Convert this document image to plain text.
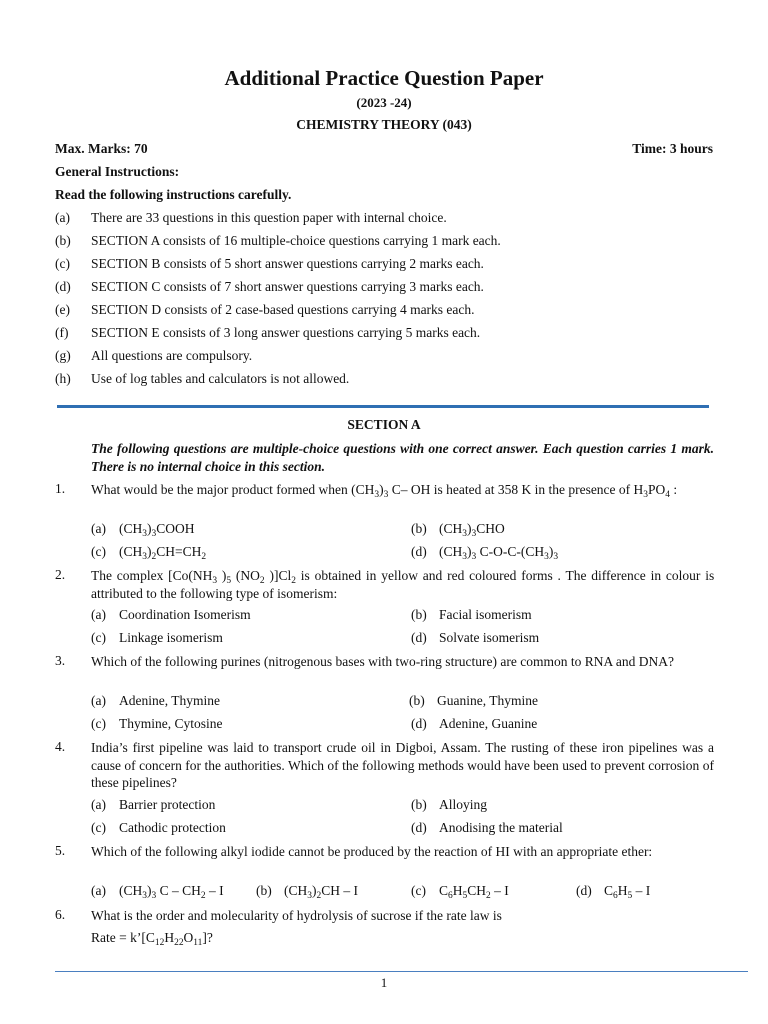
Additional Practice Question Paper
(2023 -24)
CHEMISTRY THEORY (043)
Max. Marks: 70	Time: 3 hours
General Instructions:
Read the following instructions carefully.
(a) There are 33 questions in this question paper with internal choice.
(b) SECTION A consists of 16 multiple-choice questions carrying 1 mark each.
(c) SECTION B consists of 5 short answer questions carrying 2 marks each.
(d) SECTION C consists of 7 short answer questions carrying 3 marks each.
(e) SECTION D consists of 2 case-based questions carrying 4 marks each.
(f) SECTION E consists of 3 long answer questions carrying 5 marks each.
(g) All questions are compulsory.
(h) Use of log tables and calculators is not allowed.
SECTION A
The following questions are multiple-choice questions with one correct answer. Each question carries 1 mark. There is no internal choice in this section.
1. What would be the major product formed when $(CH_3)_3$ C– OH is heated at 358 K in the presence of $H_3PO_4$ :
(a) $(CH_3)_3COOH$	(b) $(CH_3)_3CHO$
(c) $(CH_3)_2CH=CH_2$	(d) $(CH_3)_3$ $C-O-C-(CH_3)_3$
2. The complex [$Co(NH_3$ )$_5$ ($NO_2$ )]$Cl_2$ is obtained in yellow and red coloured forms . The difference in colour is attributed to the following type of isomerism:
(a) Coordination Isomerism	(b) Facial isomerism
(c) Linkage isomerism	(d) Solvate isomerism
3. Which of the following purines (nitrogenous bases with two-ring structure) are common to RNA and DNA?
(a) Adenine, Thymine	(b) Guanine, Thymine
(c) Thymine, Cytosine	(d) Adenine, Guanine
4. India’s first pipeline was laid to transport crude oil in Digboi, Assam. The rusting of these iron pipelines was a cause of concern for the authorities. Which of the following methods would have been used to prevent corrosion of these pipelines?
(a) Barrier protection	(b) Alloying
(c) Cathodic protection	(d) Anodising the material
5. Which of the following alkyl iodide cannot be produced by the reaction of HI with an appropriate ether:
(a) $(CH_3)_3$ C – $CH_2$ – I (b) $(CH_3)_2CH$ – I	(c) $C_6H_5CH_2$ – I	(d) $C_6H_5$ – I
6. What is the order and molecularity of hydrolysis of sucrose if the rate law is
Rate = $k’[C_{12}H_{22}O_{11}]$?
1
